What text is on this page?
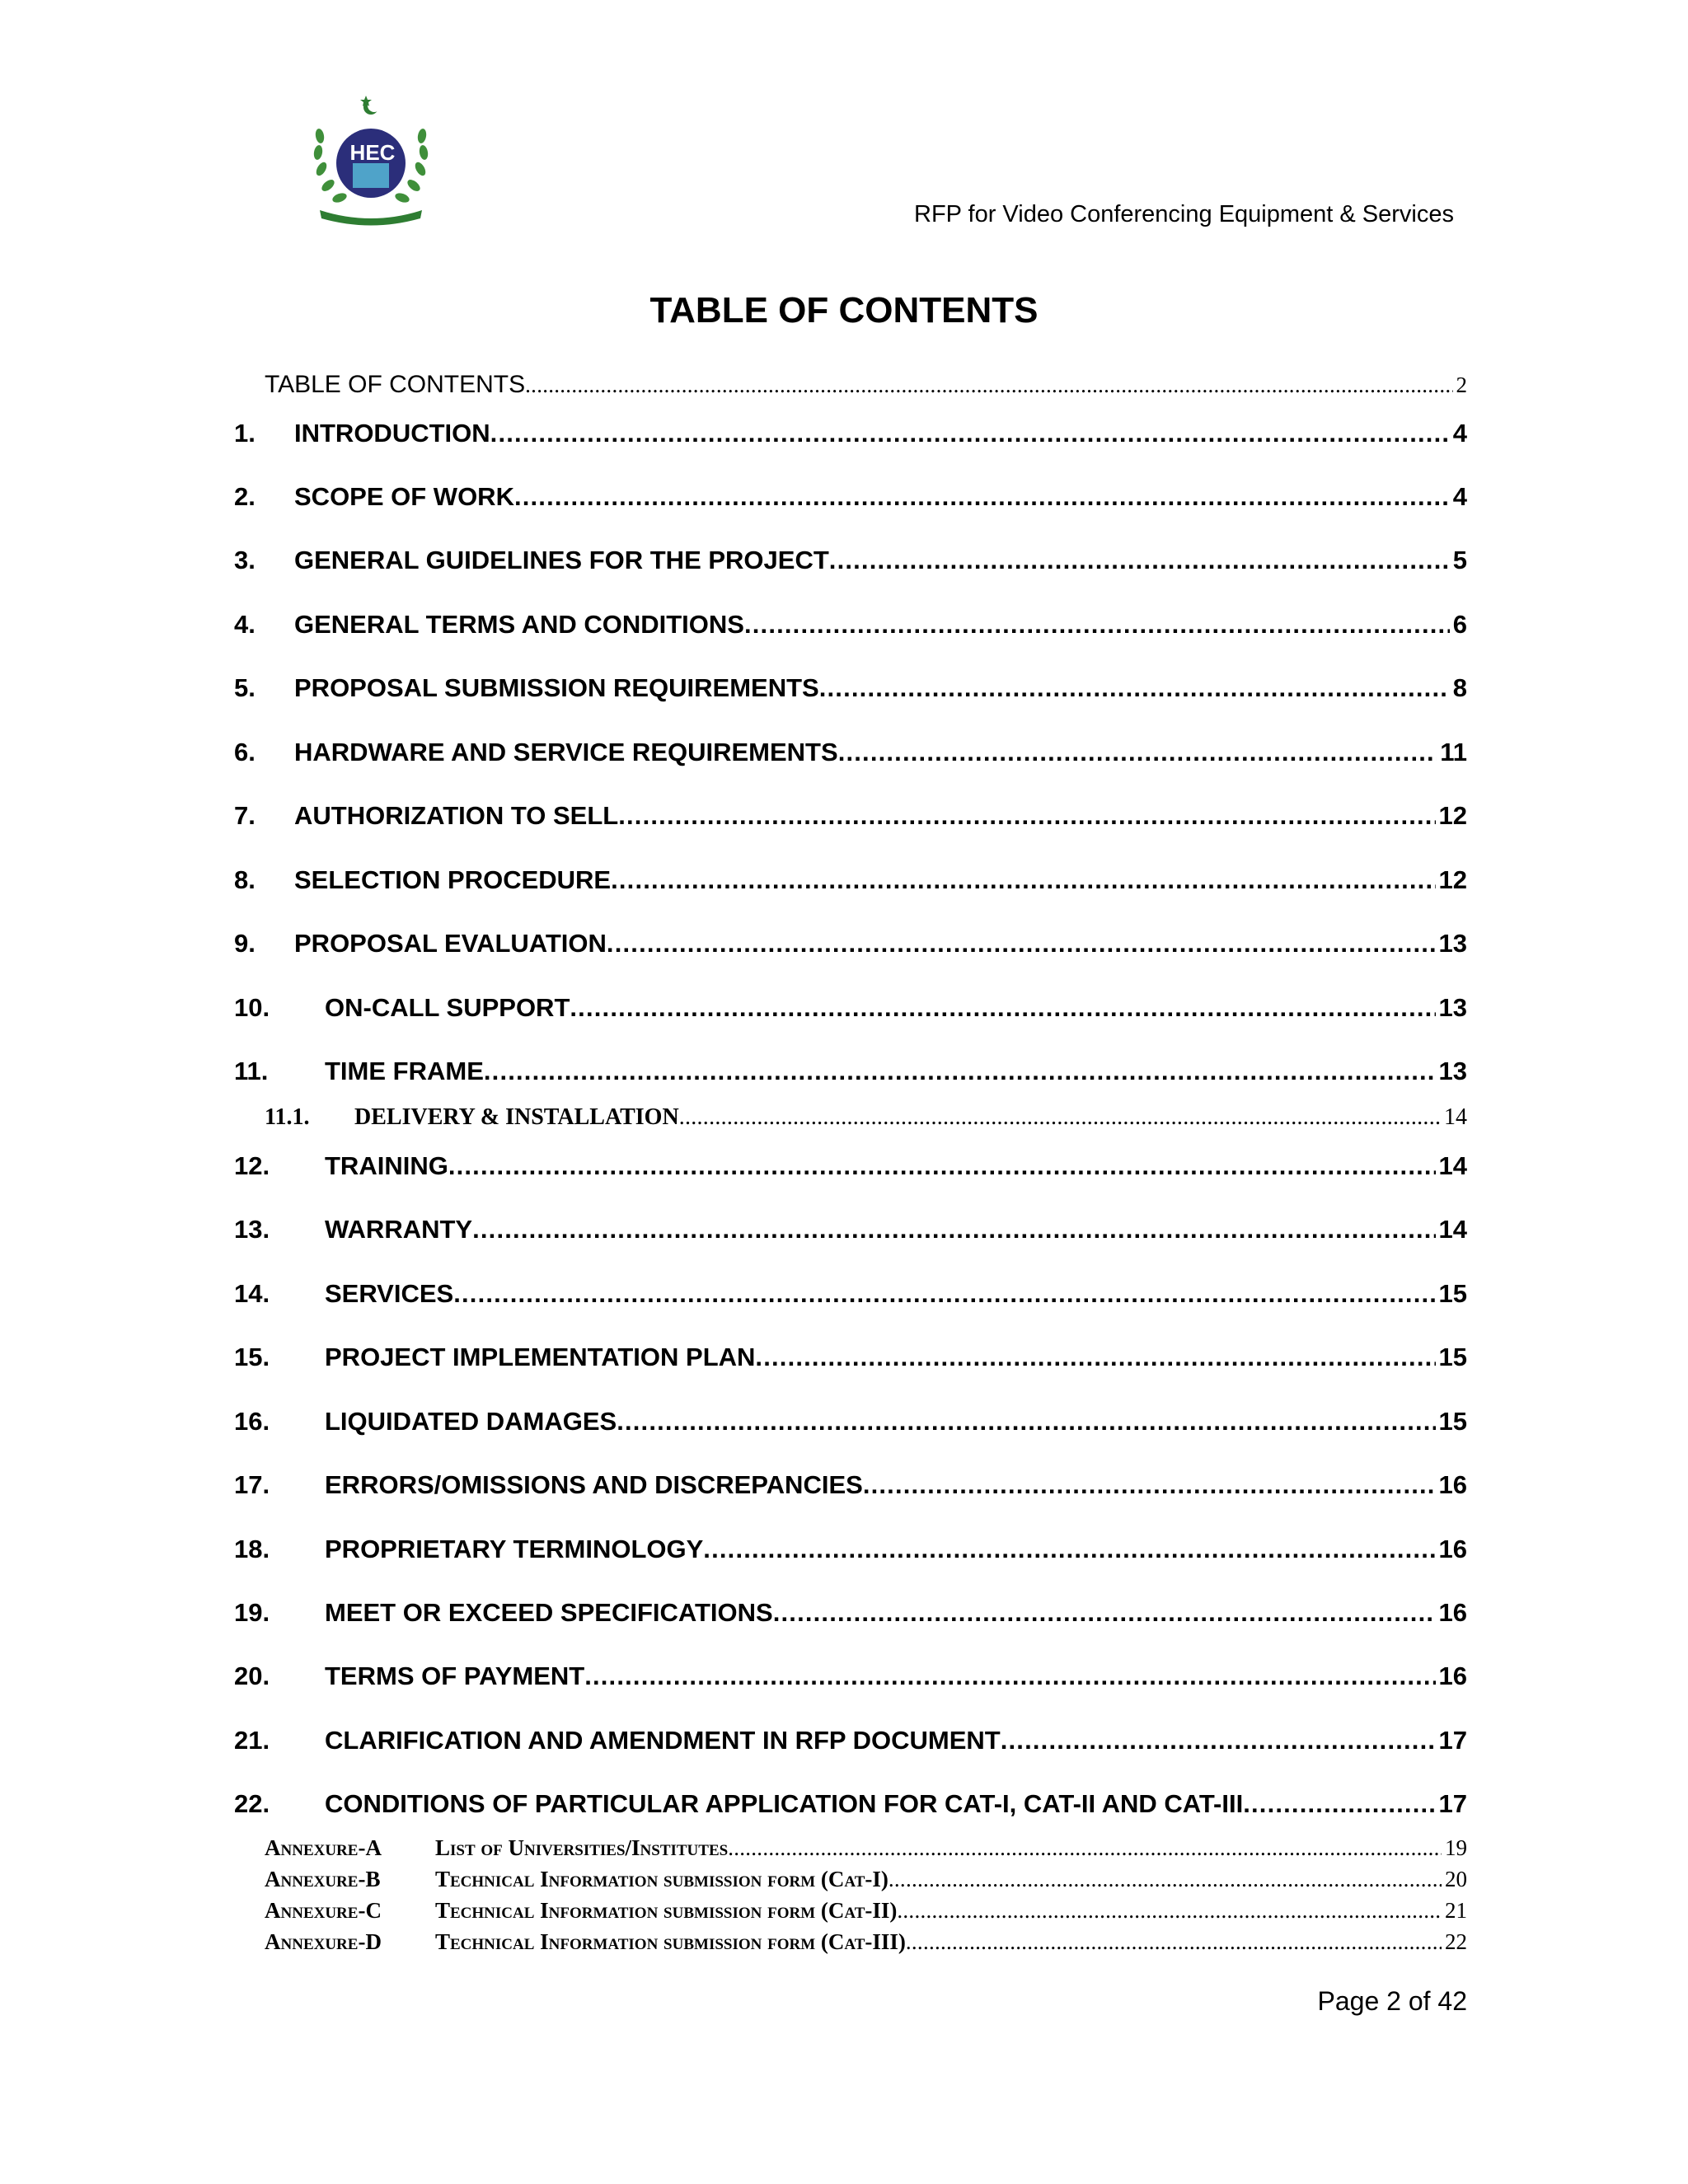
HEC
RFP for Video Conferencing Equipment & Services
TABLE OF CONTENTS
TABLE OF CONTENTS . . .	2
1.	INTRODUCTION . . .	4
2.	SCOPE OF WORK . . .	4
3.	GENERAL GUIDELINES FOR THE PROJECT . . .	5
4.	GENERAL TERMS AND CONDITIONS . . .	6
5.	PROPOSAL SUBMISSION REQUIREMENTS . . .	8
6.	HARDWARE AND SERVICE REQUIREMENTS . . .	11
7.	AUTHORIZATION TO SELL . . .	12
8.	SELECTION PROCEDURE . . .	12
9.	PROPOSAL EVALUATION . . .	13
10.	ON-CALL SUPPORT . . .	13
11.	TIME FRAME . . .	13
11.1.	DELIVERY & INSTALLATION . . .	14
12.	TRAINING . . .	14
13.	WARRANTY . . .	14
14.	SERVICES . . .	15
15.	PROJECT IMPLEMENTATION PLAN . . .	15
16.	LIQUIDATED DAMAGES . . .	15
17.	ERRORS/OMISSIONS AND DISCREPANCIES . . .	16
18.	PROPRIETARY TERMINOLOGY . . .	16
19.	MEET OR EXCEED SPECIFICATIONS . . .	16
20.	TERMS OF PAYMENT . . .	16
21.	CLARIFICATION AND AMENDMENT IN RFP DOCUMENT . . .	17
22.	CONDITIONS OF PARTICULAR APPLICATION FOR CAT-I, CAT-II AND CAT-III . . .	17
Annexure-A	List of Universities/Institutes . . .	19
Annexure-B	Technical Information submission form (Cat-I) . . .	20
Annexure-C	Technical Information submission form (Cat-II) . . .	21
Annexure-D	Technical Information submission form (Cat-III) . . .	22
Page 2 of 42
